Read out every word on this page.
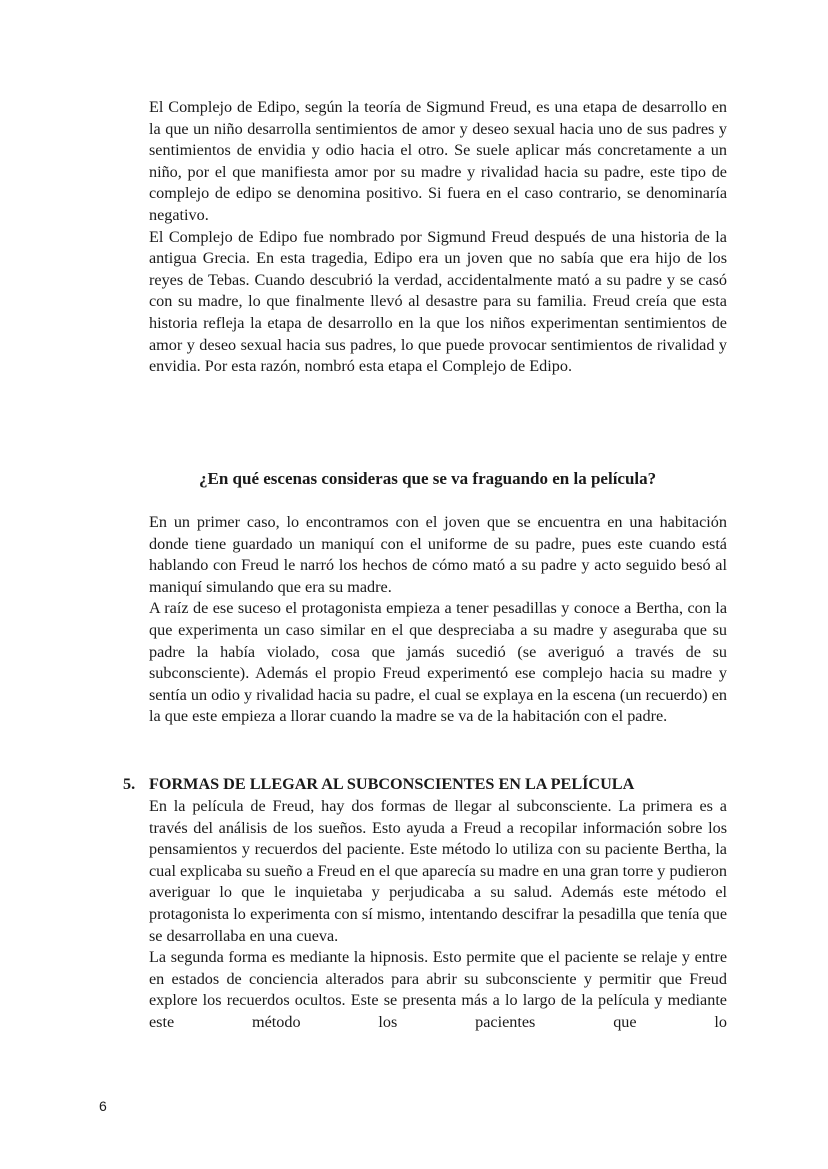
El Complejo de Edipo, según la teoría de Sigmund Freud, es una etapa de desarrollo en la que un niño desarrolla sentimientos de amor y deseo sexual hacia uno de sus padres y sentimientos de envidia y odio hacia el otro. Se suele aplicar más concretamente a un niño, por el que manifiesta amor por su madre y rivalidad hacia su padre, este tipo de complejo de edipo se denomina positivo. Si fuera en el caso contrario, se denominaría negativo.

El Complejo de Edipo fue nombrado por Sigmund Freud después de una historia de la antigua Grecia. En esta tragedia, Edipo era un joven que no sabía que era hijo de los reyes de Tebas. Cuando descubrió la verdad, accidentalmente mató a su padre y se casó con su madre, lo que finalmente llevó al desastre para su familia. Freud creía que esta historia refleja la etapa de desarrollo en la que los niños experimentan sentimientos de amor y deseo sexual hacia sus padres, lo que puede provocar sentimientos de rivalidad y envidia. Por esta razón, nombró esta etapa el Complejo de Edipo.

¿En qué escenas consideras que se va fraguando en la película?

En un primer caso, lo encontramos con el joven que se encuentra en una habitación donde tiene guardado un maniquí con el uniforme de su padre, pues este cuando está hablando con Freud le narró los hechos de cómo mató a su padre y acto seguido besó al maniquí simulando que era su madre.

A raíz de ese suceso el protagonista empieza a tener pesadillas y conoce a Bertha, con la que experimenta un caso similar en el que despreciaba a su madre y aseguraba que su padre la había violado, cosa que jamás sucedió (se averiguó a través de su subconsciente). Además el propio Freud experimentó ese complejo hacia su madre y sentía un odio y rivalidad hacia su padre, el cual se explaya en la escena (un recuerdo) en la que este empieza a llorar cuando la madre se va de la habitación con el padre.

5. FORMAS DE LLEGAR AL SUBCONSCIENTES EN LA PELÍCULA

En la película de Freud, hay dos formas de llegar al subconsciente. La primera es a través del análisis de los sueños. Esto ayuda a Freud a recopilar información sobre los pensamientos y recuerdos del paciente. Este método lo utiliza con su paciente Bertha, la cual explicaba su sueño a Freud en el que aparecía su madre en una gran torre y pudieron averiguar lo que le inquietaba y perjudicaba a su salud. Además este método el protagonista lo experimenta con sí mismo, intentando descifrar la pesadilla que tenía que se desarrollaba en una cueva.

La segunda forma es mediante la hipnosis. Esto permite que el paciente se relaje y entre en estados de conciencia alterados para abrir su subconsciente y permitir que Freud explore los recuerdos ocultos. Este se presenta más a lo largo de la película y mediante este método los pacientes que lo

6
